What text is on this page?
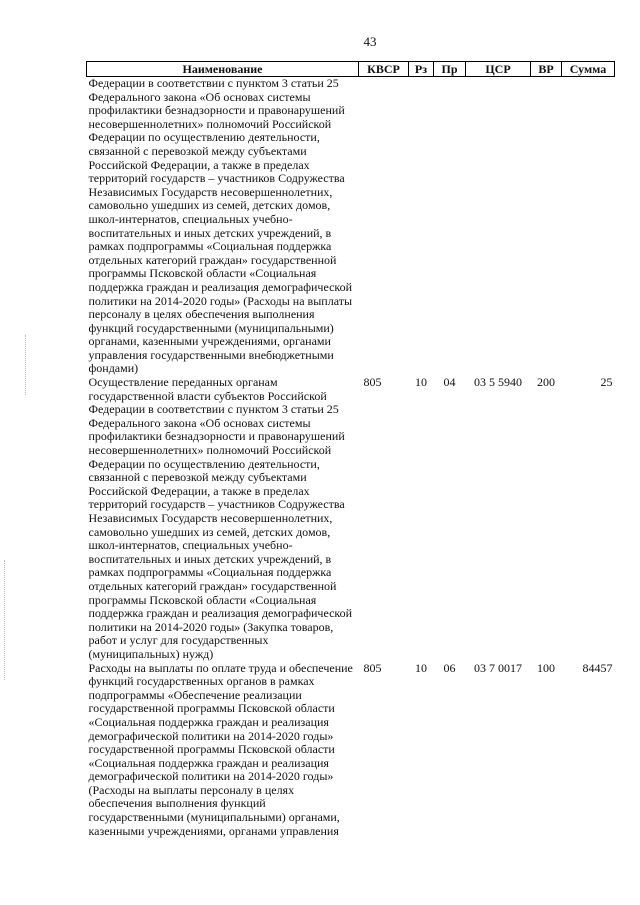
43
Наименование	КВСР	Рз	Пр	ЦСР	ВР	Сумма
Федерации в соответствии с пунктом 3 статьи 25 Федерального закона «Об основах системы профилактики безнадзорности и правонарушений несовершеннолетних» полномочий Российской Федерации по осуществлению деятельности, связанной с перевозкой между субъектами Российской Федерации, а также в пределах территорий государств – участников Содружества Независимых Государств несовершеннолетних, самовольно ушедших из семей, детских домов, школ-интернатов, специальных учебно-воспитательных и иных детских учреждений, в рамках подпрограммы «Социальная поддержка отдельных категорий граждан» государственной программы Псковской области «Социальная поддержка граждан и реализация демографической политики на 2014-2020 годы» (Расходы на выплаты персоналу в целях обеспечения выполнения функций государственными (муниципальными) органами, казенными учреждениями, органами управления государственными внебюджетными фондами)						
Осуществление переданных органам государственной власти субъектов Российской Федерации в соответствии с пунктом 3 статьи 25 Федерального закона «Об основах системы профилактики безнадзорности и правонарушений несовершеннолетних» полномочий Российской Федерации по осуществлению деятельности, связанной с перевозкой между субъектами Российской Федерации, а также в пределах территорий государств – участников Содружества Независимых Государств несовершеннолетних, самовольно ушедших из семей, детских домов, школ-интернатов, специальных учебно-воспитательных и иных детских учреждений, в рамках подпрограммы «Социальная поддержка отдельных категорий граждан» государственной программы Псковской области «Социальная поддержка граждан и реализация демографической политики на 2014-2020 годы» (Закупка товаров, работ и услуг для государственных (муниципальных) нужд)	805	10	04	03 5 5940	200	25
Расходы на выплаты по оплате труда и обеспечение функций государственных органов в рамках подпрограммы «Обеспечение реализации государственной программы Псковской области «Социальная поддержка граждан и реализация демографической политики на 2014-2020 годы» государственной программы Псковской области «Социальная поддержка граждан и реализация демографической политики на 2014-2020 годы» (Расходы на выплаты персоналу в целях обеспечения выполнения функций государственными (муниципальными) органами, казенными учреждениями, органами управления	805	10	06	03 7 0017	100	84457
